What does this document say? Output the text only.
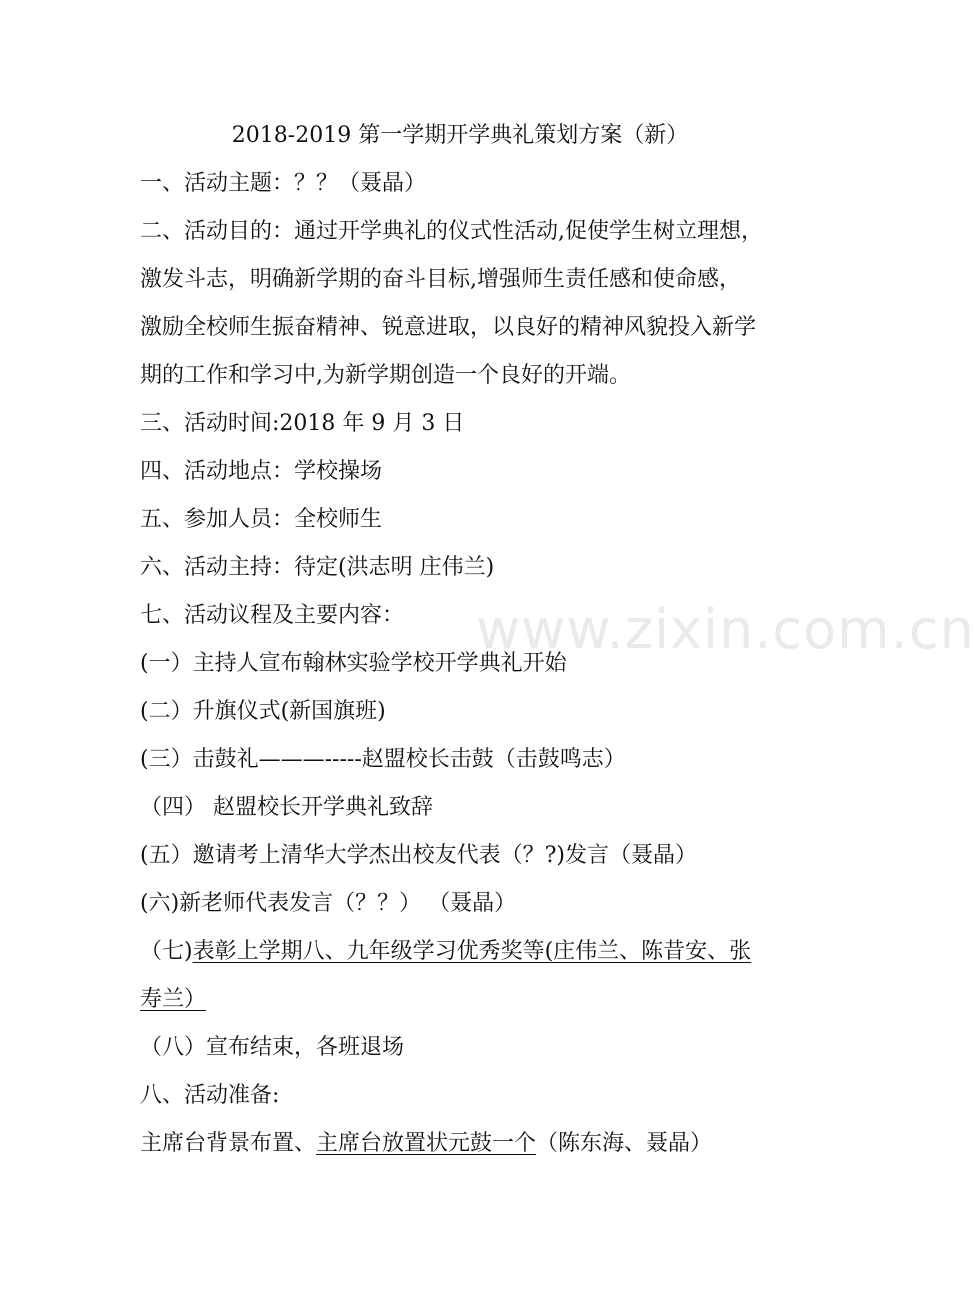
2018-2019 第一学期开学典礼策划方案（新）
一、活动主题：？？（聂晶）
二、活动目的：通过开学典礼的仪式性活动,促使学生树立理想，
激发斗志，明确新学期的奋斗目标,增强师生责任感和使命感，
激励全校师生振奋精神、锐意进取，以良好的精神风貌投入新学
期的工作和学习中,为新学期创造一个良好的开端。
三、活动时间:2018 年 9 月 3 日
四、活动地点：学校操场
五、参加人员：全校师生
六、活动主持：待定(洪志明 庄伟兰)
七、活动议程及主要内容：
(一）主持人宣布翰林实验学校开学典礼开始
(二）升旗仪式(新国旗班)
(三）击鼓礼———-----赵盟校长击鼓（击鼓鸣志）
（四） 赵盟校长开学典礼致辞
(五）邀请考上清华大学杰出校友代表（？?)发言（聂晶）
(六)新老师代表发言（？？） （聂晶）
（七)表彰上学期八、九年级学习优秀奖等(庄伟兰、陈昔安、张
寿兰）
（八）宣布结束，各班退场
八、活动准备:
主席台背景布置、主席台放置状元鼓一个（陈东海、聂晶）
www.zixin.com.cn
